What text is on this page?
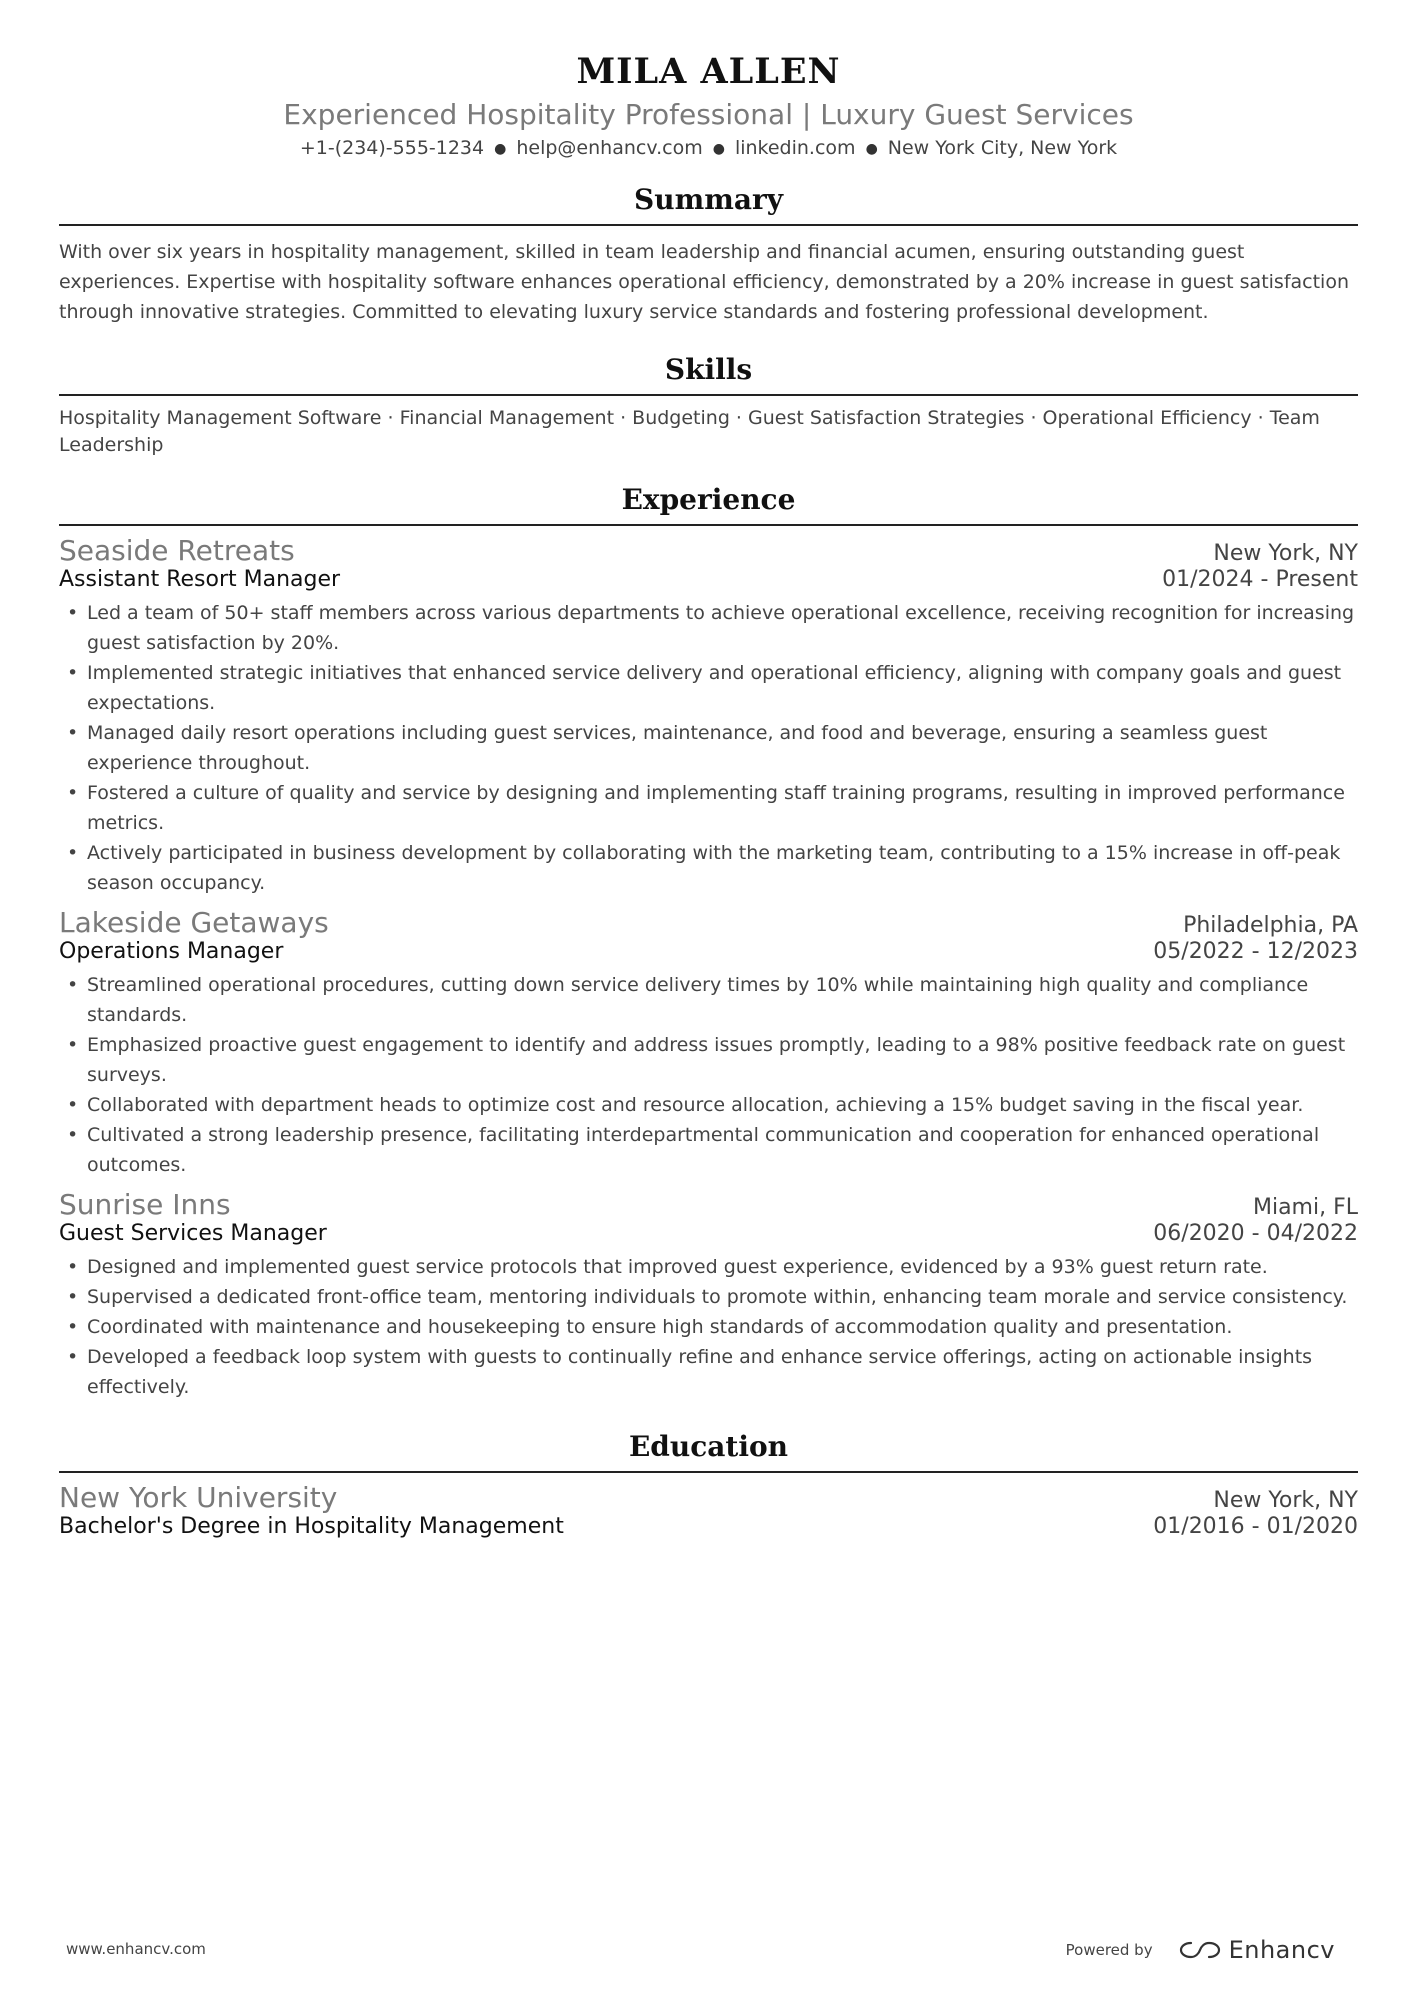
MILA ALLEN
Experienced Hospitality Professional | Luxury Guest Services
+1-(234)-555-1234 ● help@enhancv.com ● linkedin.com ● New York City, New York
Summary
With over six years in hospitality management, skilled in team leadership and financial acumen, ensuring outstanding guest experiences. Expertise with hospitality software enhances operational efficiency, demonstrated by a 20% increase in guest satisfaction through innovative strategies. Committed to elevating luxury service standards and fostering professional development.
Skills
Hospitality Management Software · Financial Management · Budgeting · Guest Satisfaction Strategies · Operational Efficiency · Team Leadership
Experience
Seaside Retreats	New York, NY
Assistant Resort Manager	01/2024 - Present
• Led a team of 50+ staff members across various departments to achieve operational excellence, receiving recognition for increasing guest satisfaction by 20%.
• Implemented strategic initiatives that enhanced service delivery and operational efficiency, aligning with company goals and guest expectations.
• Managed daily resort operations including guest services, maintenance, and food and beverage, ensuring a seamless guest experience throughout.
• Fostered a culture of quality and service by designing and implementing staff training programs, resulting in improved performance metrics.
• Actively participated in business development by collaborating with the marketing team, contributing to a 15% increase in off-peak season occupancy.
Lakeside Getaways	Philadelphia, PA
Operations Manager	05/2022 - 12/2023
• Streamlined operational procedures, cutting down service delivery times by 10% while maintaining high quality and compliance standards.
• Emphasized proactive guest engagement to identify and address issues promptly, leading to a 98% positive feedback rate on guest surveys.
• Collaborated with department heads to optimize cost and resource allocation, achieving a 15% budget saving in the fiscal year.
• Cultivated a strong leadership presence, facilitating interdepartmental communication and cooperation for enhanced operational outcomes.
Sunrise Inns	Miami, FL
Guest Services Manager	06/2020 - 04/2022
• Designed and implemented guest service protocols that improved guest experience, evidenced by a 93% guest return rate.
• Supervised a dedicated front-office team, mentoring individuals to promote within, enhancing team morale and service consistency.
• Coordinated with maintenance and housekeeping to ensure high standards of accommodation quality and presentation.
• Developed a feedback loop system with guests to continually refine and enhance service offerings, acting on actionable insights effectively.
Education
New York University	New York, NY
Bachelor's Degree in Hospitality Management	01/2016 - 01/2020
www.enhancv.com	Powered by	Enhancv
